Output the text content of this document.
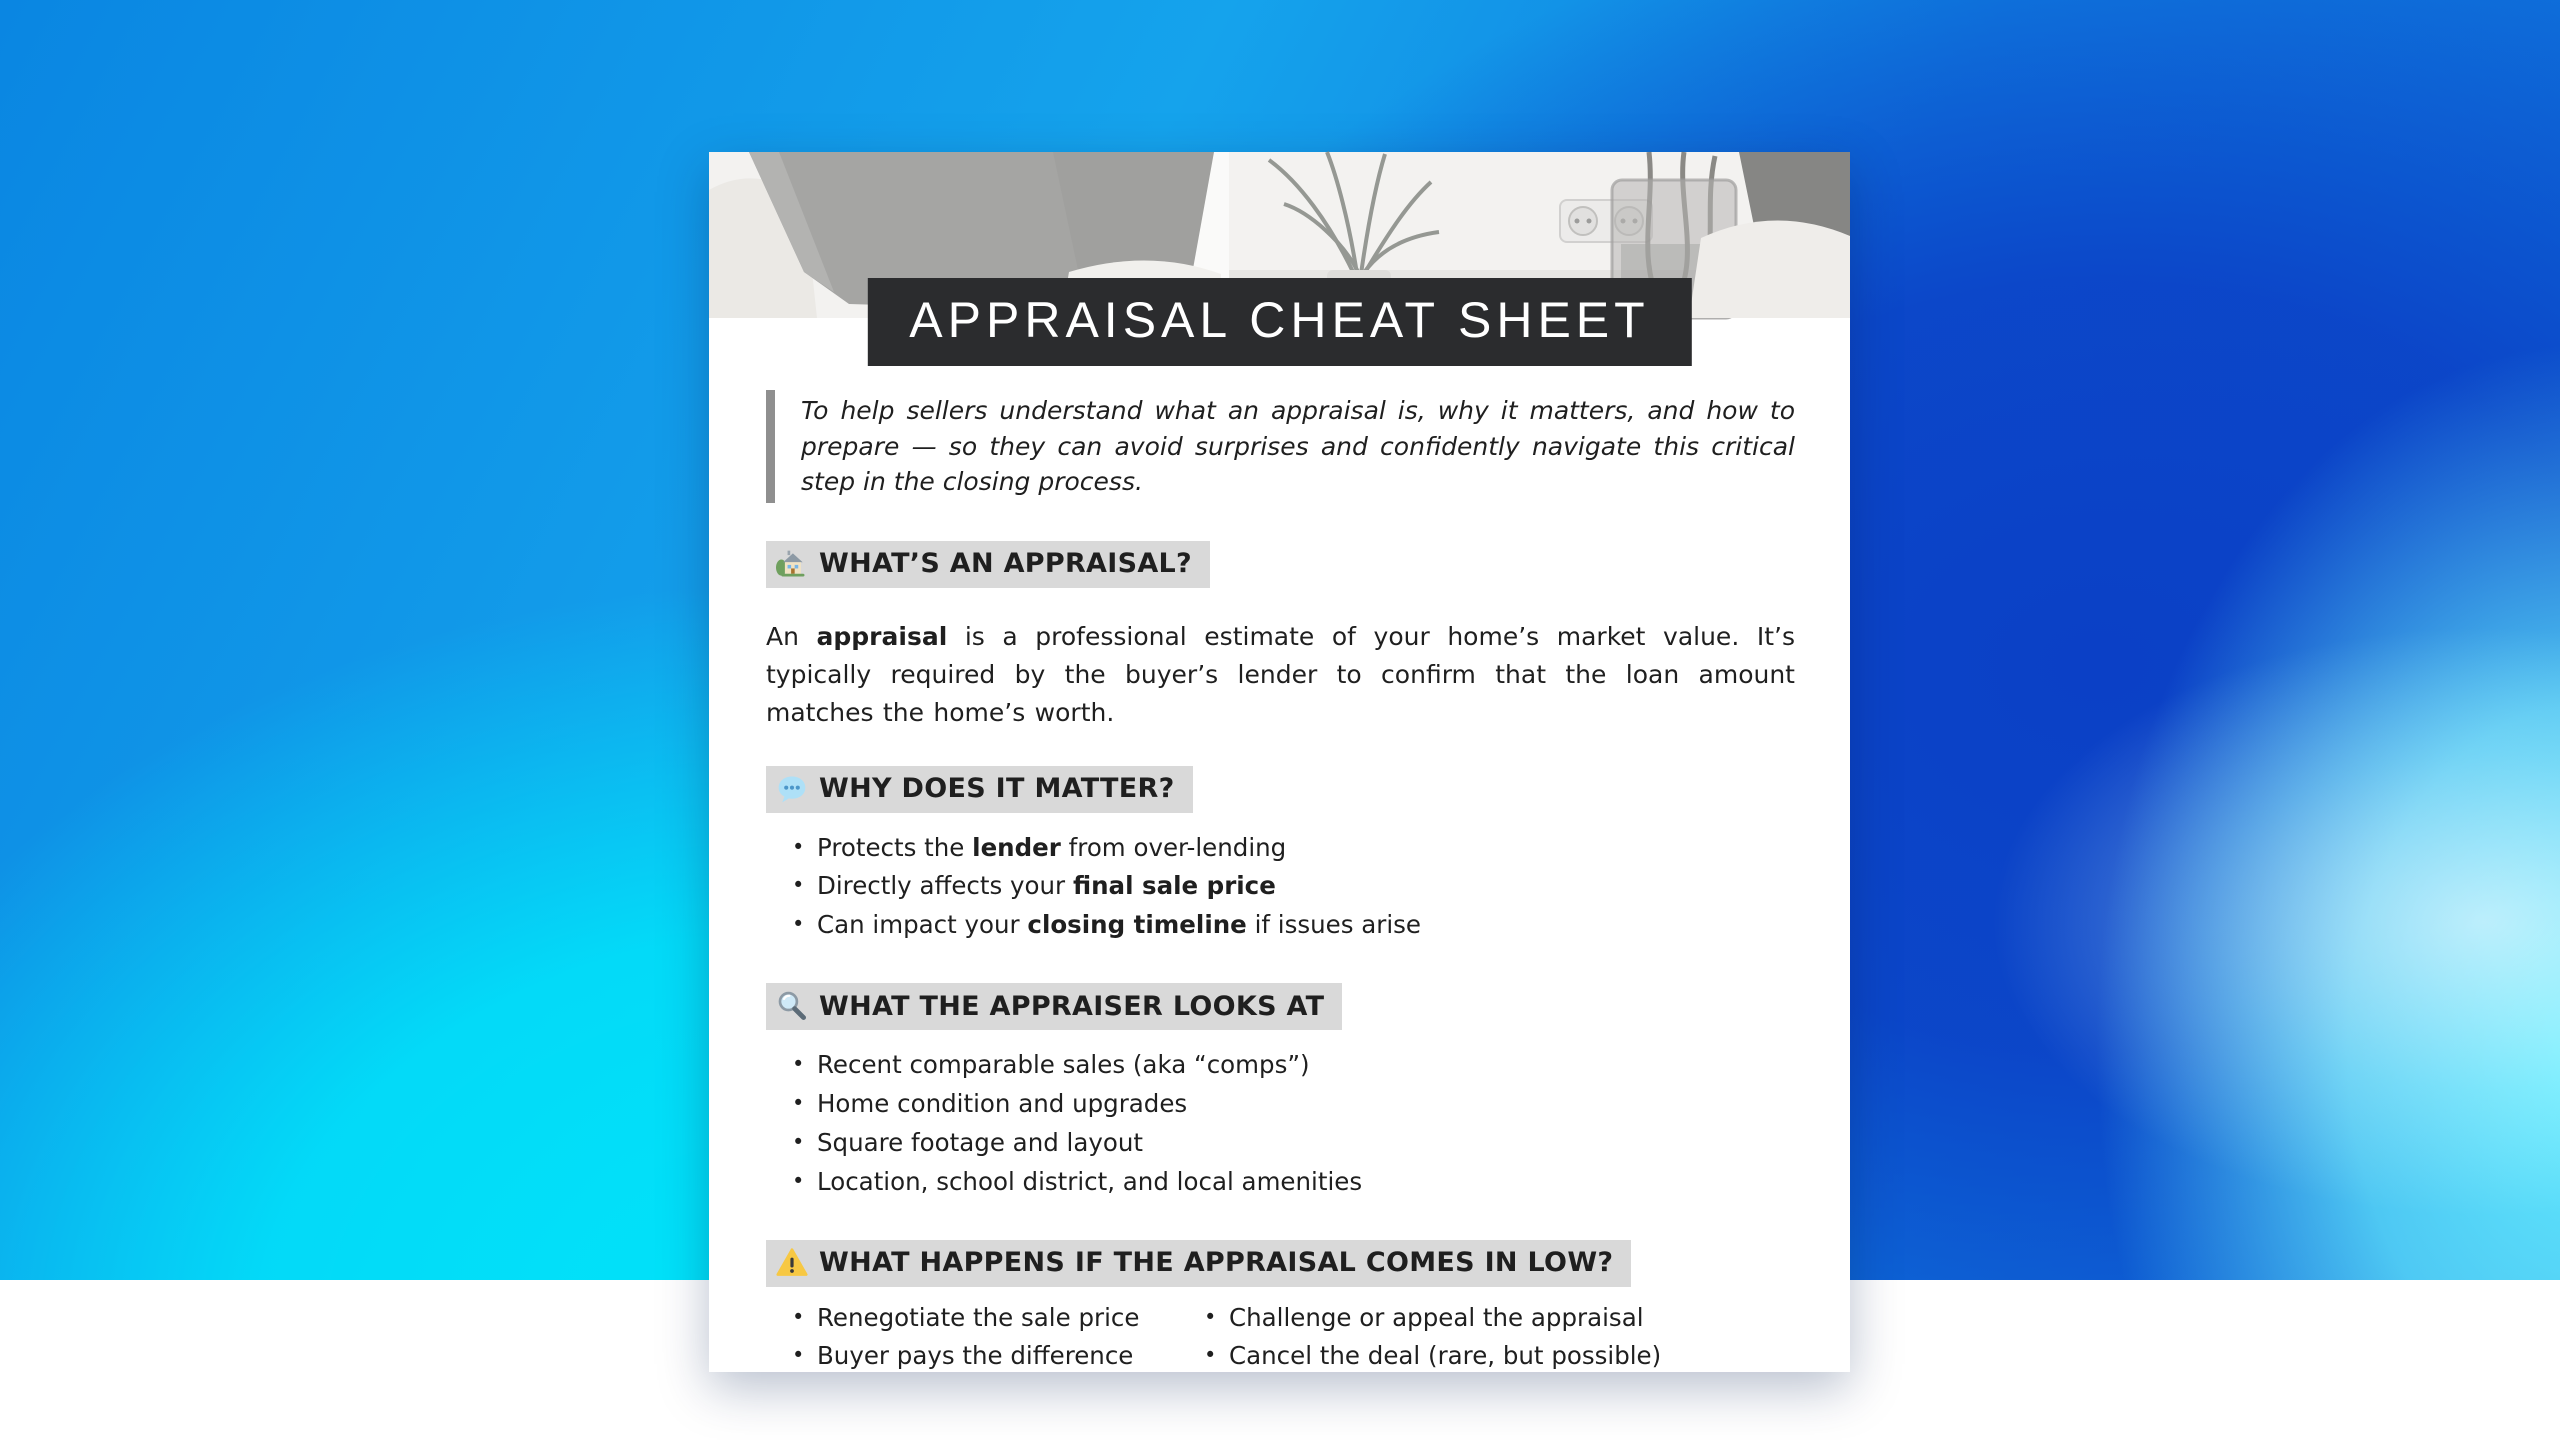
APPRAISAL CHEAT SHEET
To help sellers understand what an appraisal is, why it matters, and how to prepare — so they can avoid surprises and confidently navigate this critical step in the closing process.
WHAT’S AN APPRAISAL?

An appraisal is a professional estimate of your home’s market value. It’s typically required by the buyer’s lender to confirm that the loan amount matches the home’s worth.

WHY DOES IT MATTER?
• Protects the lender from over-lending
• Directly affects your final sale price
• Can impact your closing timeline if issues arise
WHAT THE APPRAISER LOOKS AT
• Recent comparable sales (aka “comps”)
• Home condition and upgrades
• Square footage and layout
• Location, school district, and local amenities
WHAT HAPPENS IF THE APPRAISAL COMES IN LOW?
• Renegotiate the sale price
• Buyer pays the difference
• Challenge or appeal the appraisal
• Cancel the deal (rare, but possible)
